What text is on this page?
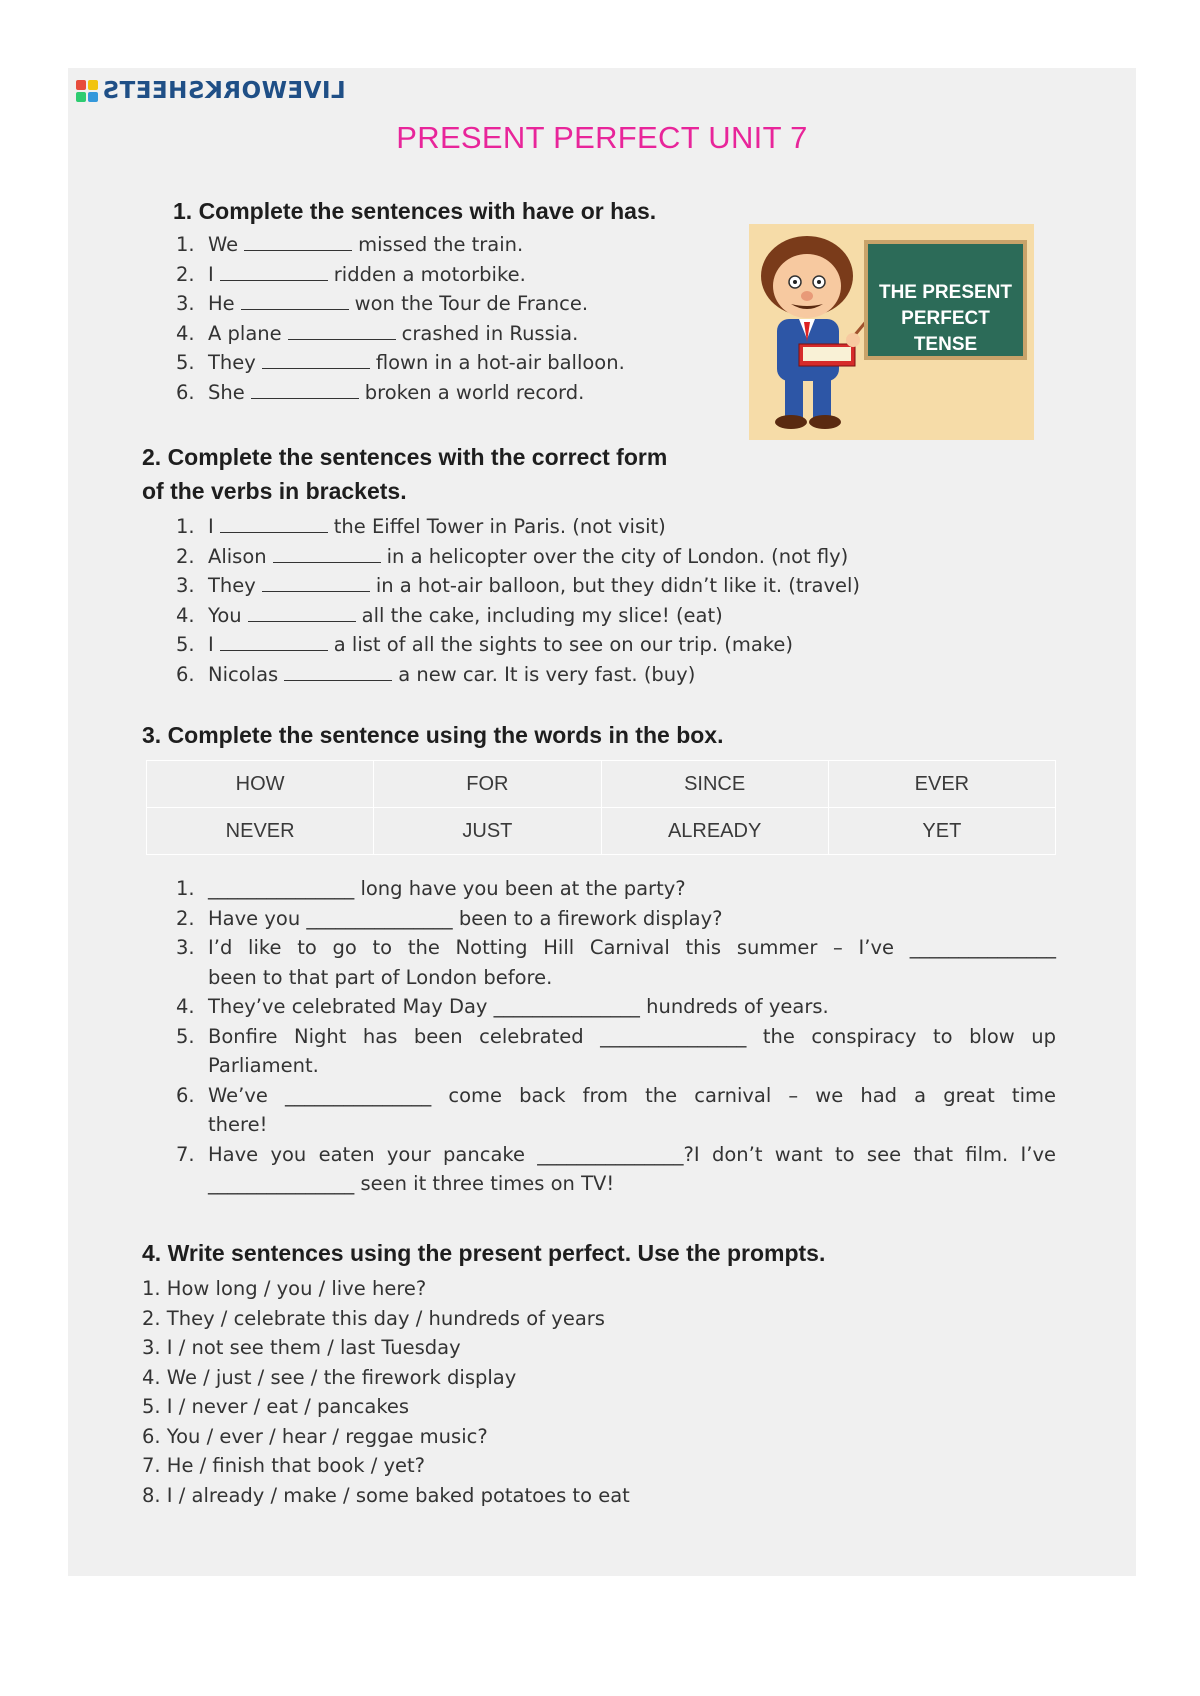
LIVEWORKSHEETS
PRESENT PERFECT UNIT 7
1. Complete the sentences with have or has.
1. We	missed the train.
2. I	ridden a motorbike.
3. He	won the Tour de France.
4. A plane	crashed in Russia.
5. They	flown in a hot-air balloon.
6. She	broken a world record.
THE PRESENT
PERFECT TENSE
2. Complete the sentences with the correct form
of the verbs in brackets.
1. I	the Eiffel Tower in Paris. (not visit)
2. Alison	in a helicopter over the city of London. (not fly)
3. They	in a hot-air balloon, but they didn’t like it. (travel)
4. You	all the cake, including my slice! (eat)
5. I	a list of all the sights to see on our trip. (make)
6. Nicolas	a new car. It is very fast. (buy)
3. Complete the sentence using the words in the box.
HOW	FOR	SINCE	EVER
NEVER	JUST	ALREADY	YET
1. _______________ long have you been at the party?
2. Have you _______________ been to a firework display?
3. I’d like to go to the Notting Hill Carnival this summer – I’ve _______________
been to that part of London before.
4. They’ve celebrated May Day _______________ hundreds of years.
5. Bonfire Night has been celebrated _______________ the conspiracy to blow up
Parliament.
6. We’ve _______________ come back from the carnival – we had a great time
there!
7. Have you eaten your pancake _______________?I don’t want to see that film. I’ve
_______________ seen it three times on TV!
4. Write sentences using the present perfect. Use the prompts.
1. How long / you / live here?
2. They / celebrate this day / hundreds of years
3. I / not see them / last Tuesday
4. We / just / see / the firework display
5. I / never / eat / pancakes
6. You / ever / hear / reggae music?
7. He / finish that book / yet?
8. I / already / make / some baked potatoes to eat
